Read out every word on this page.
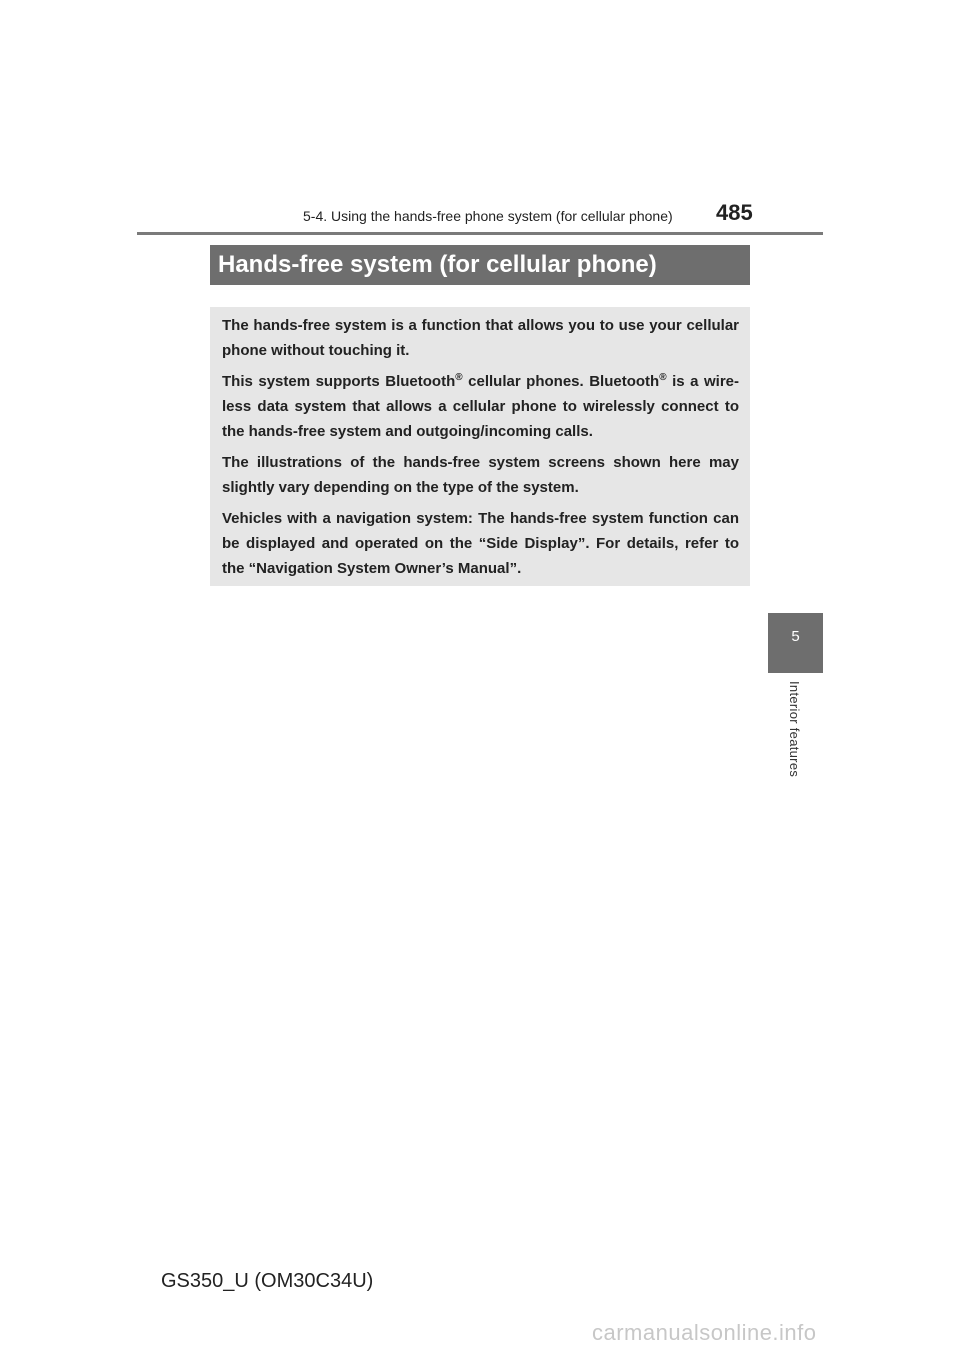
5-4. Using the hands-free phone system (for cellular phone) 485
Hands-free system (for cellular phone)

The hands-free system is a function that allows you to use your cellular phone without touching it.

This system supports Bluetooth® cellular phones. Bluetooth® is a wire- less data system that allows a cellular phone to wirelessly connect to the hands-free system and outgoing/incoming calls.

The illustrations of the hands-free system screens shown here may slightly vary depending on the type of the system.

Vehicles with a navigation system: The hands-free system function can be displayed and operated on the “Side Display”. For details, refer to the “Navigation System Owner’s Manual”.

5
Interior features
GS350_U (OM30C34U)
carmanualsonline.info
